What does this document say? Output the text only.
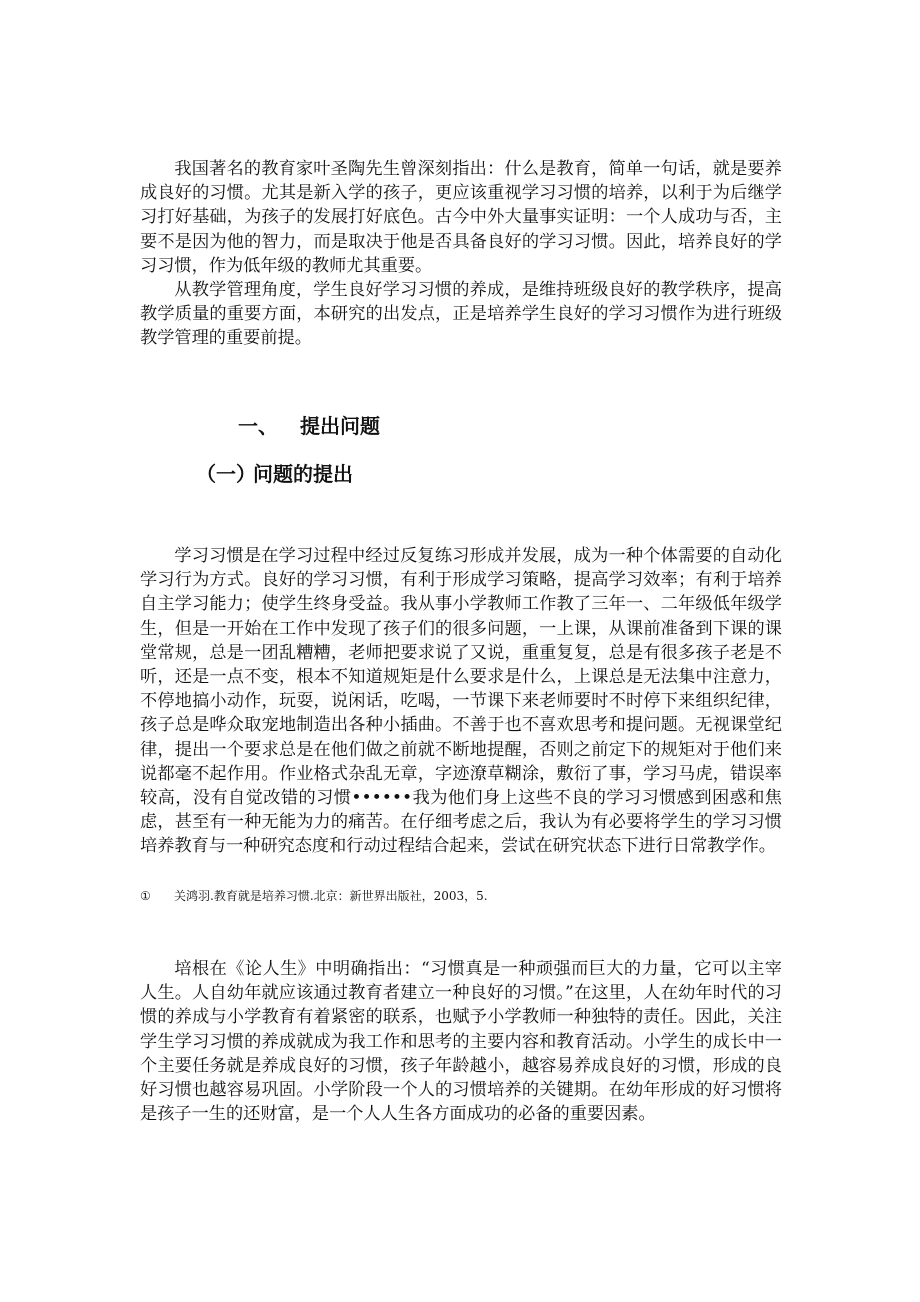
我国著名的教育家叶圣陶先生曾深刻指出：什么是教育，简单一句话，就是要养成良好的习惯。尤其是新入学的孩子，更应该重视学习习惯的培养，以利于为后继学习打好基础，为孩子的发展打好底色。古今中外大量事实证明：一个人成功与否，主要不是因为他的智力，而是取决于他是否具备良好的学习习惯。因此，培养良好的学习习惯，作为低年级的教师尤其重要。

从教学管理角度，学生良好学习习惯的养成，是维持班级良好的教学秩序，提高教学质量的重要方面，本研究的出发点，正是培养学生良好的学习习惯作为进行班级教学管理的重要前提。

一、 提出问题
（一）问题的提出

学习习惯是在学习过程中经过反复练习形成并发展，成为一种个体需要的自动化学习行为方式。良好的学习习惯，有利于形成学习策略，提高学习效率；有利于培养自主学习能力；使学生终身受益。我从事小学教师工作教了三年一、二年级低年级学生，但是一开始在工作中发现了孩子们的很多问题，一上课，从课前准备到下课的课堂常规，总是一团乱糟糟，老师把要求说了又说，重重复复，总是有很多孩子老是不听，还是一点不变，根本不知道规矩是什么要求是什么，上课总是无法集中注意力，不停地搞小动作，玩耍，说闲话，吃喝，一节课下来老师要时不时停下来组织纪律，孩子总是哗众取宠地制造出各种小插曲。不善于也不喜欢思考和提问题。无视课堂纪律，提出一个要求总是在他们做之前就不断地提醒，否则之前定下的规矩对于他们来说都毫不起作用。作业格式杂乱无章，字迹潦草糊涂，敷衍了事，学习马虎，错误率较高，没有自觉改错的习惯••••••我为他们身上这些不良的学习习惯感到困惑和焦虑，甚至有一种无能为力的痛苦。在仔细考虑之后，我认为有必要将学生的学习习惯培养教育与一种研究态度和行动过程结合起来，尝试在研究状态下进行日常教学作。

① 关鸿羽.教育就是培养习惯.北京：新世界出版社，2003，5.

培根在《论人生》中明确指出：“习惯真是一种顽强而巨大的力量，它可以主宰人生。人自幼年就应该通过教育者建立一种良好的习惯。”在这里，人在幼年时代的习惯的养成与小学教育有着紧密的联系，也赋予小学教师一种独特的责任。因此，关注学生学习习惯的养成就成为我工作和思考的主要内容和教育活动。小学生的成长中一个主要任务就是养成良好的习惯，孩子年龄越小，越容易养成良好的习惯，形成的良好习惯也越容易巩固。小学阶段一个人的习惯培养的关键期。在幼年形成的好习惯将是孩子一生的还财富，是一个人人生各方面成功的必备的重要因素。
